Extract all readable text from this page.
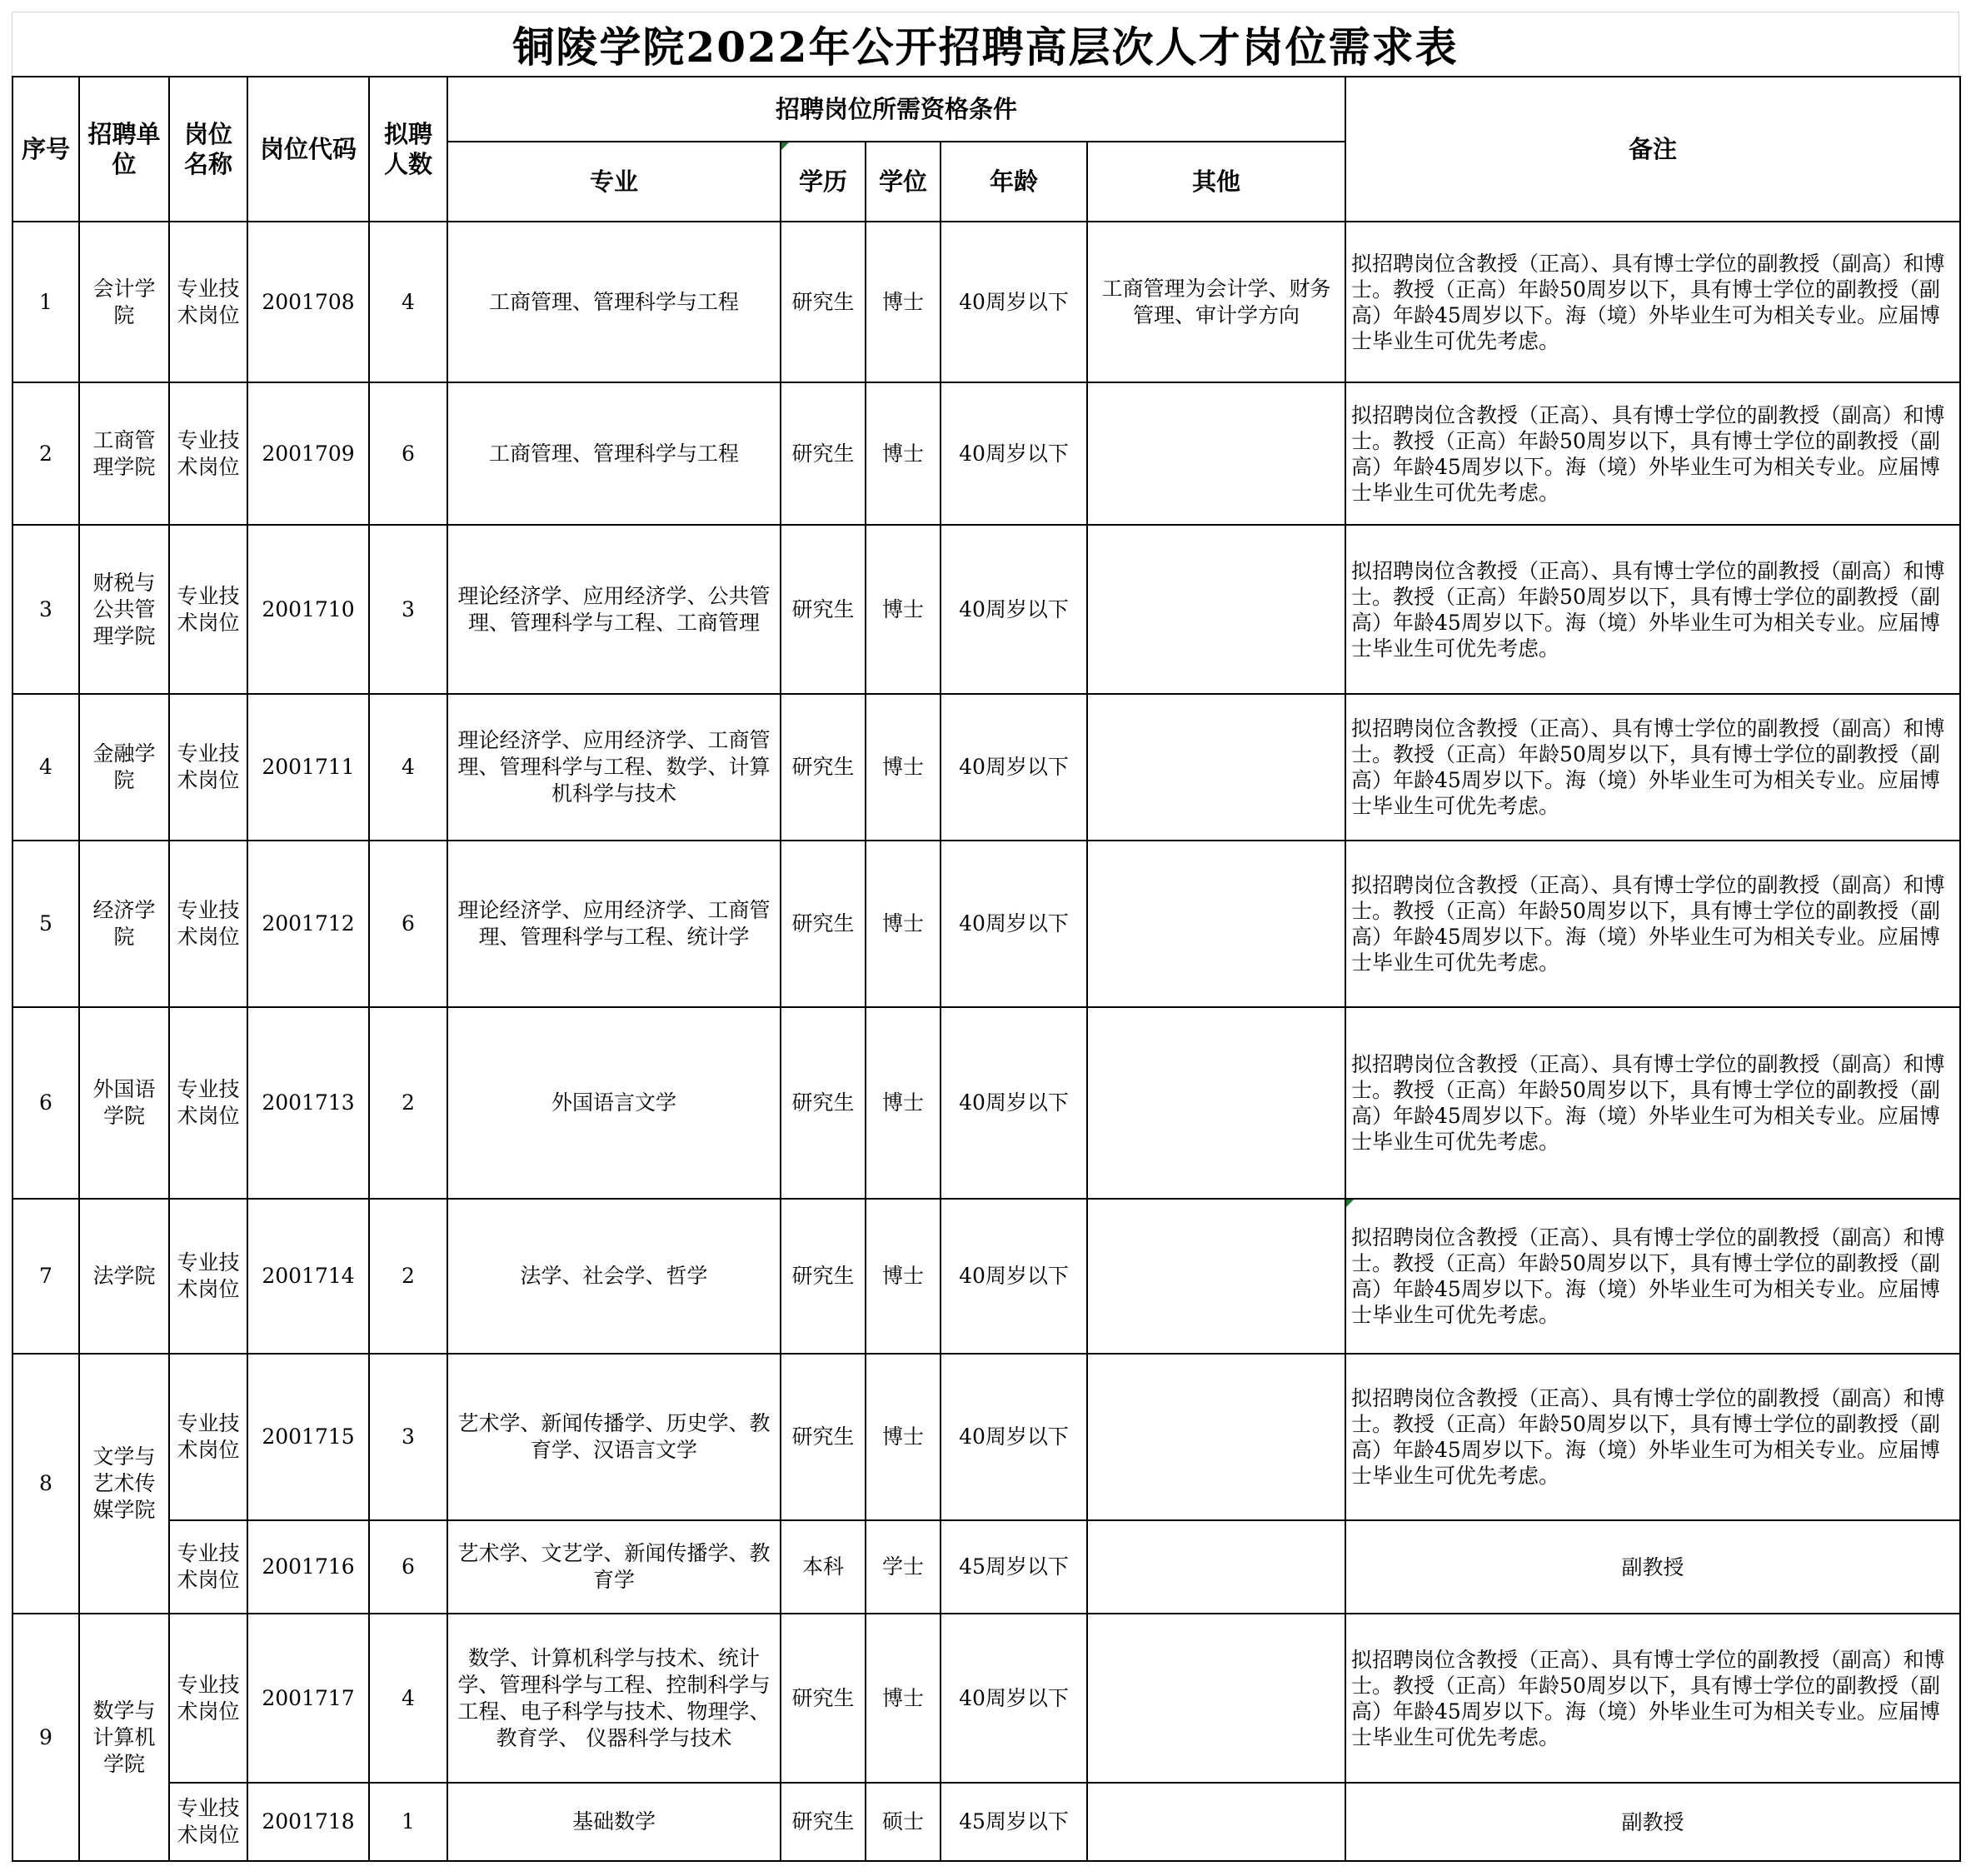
铜陵学院2022年公开招聘高层次人才岗位需求表
序号	招聘单位	岗位名称	岗位代码	拟聘人数	招聘岗位所需资格条件					备注
					专业	学历	学位	年龄	其他	
1	会计学院	专业技术岗位	2001708	4	工商管理、管理科学与工程	研究生	博士	40周岁以下	工商管理为会计学、财务管理、审计学方向	拟招聘岗位含教授（正高）、具有博士学位的副教授（副高）和博士。教授（正高）年龄50周岁以下，具有博士学位的副教授（副高）年龄45周岁以下。海（境）外毕业生可为相关专业。应届博士毕业生可优先考虑。
2	工商管理学院	专业技术岗位	2001709	6	工商管理、管理科学与工程	研究生	博士	40周岁以下		拟招聘岗位含教授（正高）、具有博士学位的副教授（副高）和博士。教授（正高）年龄50周岁以下，具有博士学位的副教授（副高）年龄45周岁以下。海（境）外毕业生可为相关专业。应届博士毕业生可优先考虑。
3	财税与公共管理学院	专业技术岗位	2001710	3	理论经济学、应用经济学、公共管理、管理科学与工程、工商管理	研究生	博士	40周岁以下		拟招聘岗位含教授（正高）、具有博士学位的副教授（副高）和博士。教授（正高）年龄50周岁以下，具有博士学位的副教授（副高）年龄45周岁以下。海（境）外毕业生可为相关专业。应届博士毕业生可优先考虑。
4	金融学院	专业技术岗位	2001711	4	理论经济学、应用经济学、工商管理、管理科学与工程、数学、计算机科学与技术	研究生	博士	40周岁以下		拟招聘岗位含教授（正高）、具有博士学位的副教授（副高）和博士。教授（正高）年龄50周岁以下，具有博士学位的副教授（副高）年龄45周岁以下。海（境）外毕业生可为相关专业。应届博士毕业生可优先考虑。
5	经济学院	专业技术岗位	2001712	6	理论经济学、应用经济学、工商管理、管理科学与工程、统计学	研究生	博士	40周岁以下		拟招聘岗位含教授（正高）、具有博士学位的副教授（副高）和博士。教授（正高）年龄50周岁以下，具有博士学位的副教授（副高）年龄45周岁以下。海（境）外毕业生可为相关专业。应届博士毕业生可优先考虑。
6	外国语学院	专业技术岗位	2001713	2	外国语言文学	研究生	博士	40周岁以下		拟招聘岗位含教授（正高）、具有博士学位的副教授（副高）和博士。教授（正高）年龄50周岁以下，具有博士学位的副教授（副高）年龄45周岁以下。海（境）外毕业生可为相关专业。应届博士毕业生可优先考虑。
7	法学院	专业技术岗位	2001714	2	法学、社会学、哲学	研究生	博士	40周岁以下		拟招聘岗位含教授（正高）、具有博士学位的副教授（副高）和博士。教授（正高）年龄50周岁以下，具有博士学位的副教授（副高）年龄45周岁以下。海（境）外毕业生可为相关专业。应届博士毕业生可优先考虑。
8	文学与艺术传媒学院	专业技术岗位	2001715	3	艺术学、新闻传播学、历史学、教育学、汉语言文学	研究生	博士	40周岁以下		拟招聘岗位含教授（正高）、具有博士学位的副教授（副高）和博士。教授（正高）年龄50周岁以下，具有博士学位的副教授（副高）年龄45周岁以下。海（境）外毕业生可为相关专业。应届博士毕业生可优先考虑。
		专业技术岗位	2001716	6	艺术学、文艺学、新闻传播学、教育学	本科	学士	45周岁以下		副教授
9	数学与计算机学院	专业技术岗位	2001717	4	数学、计算机科学与技术、统计学、管理科学与工程、控制科学与工程、电子科学与技术、物理学、教育学、 仪器科学与技术	研究生	博士	40周岁以下		拟招聘岗位含教授（正高）、具有博士学位的副教授（副高）和博士。教授（正高）年龄50周岁以下，具有博士学位的副教授（副高）年龄45周岁以下。海（境）外毕业生可为相关专业。应届博士毕业生可优先考虑。
		专业技术岗位	2001718	1	基础数学	研究生	硕士	45周岁以下		副教授
